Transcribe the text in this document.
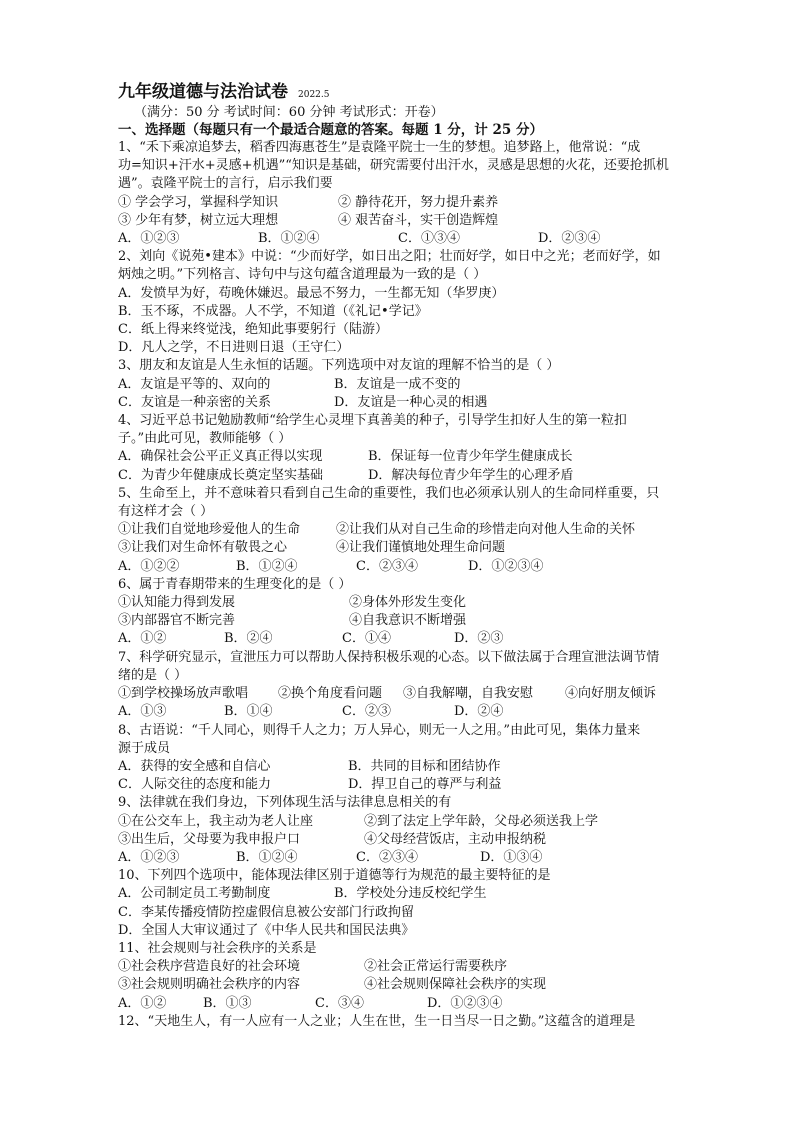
九年级道德与法治试卷 2022.5
（满分：50 分 考试时间：60 分钟 考试形式：开卷）
一、选择题（每题只有一个最适合题意的答案。每题 1 分，计 25 分）
1、“禾下乘凉追梦去，稻香四海惠苍生”是袁隆平院士一生的梦想。追梦路上，他常说：“成
功=知识+汗水+灵感+机遇”“知识是基础，研究需要付出汗水，灵感是思想的火花，还要抢抓机
遇”。袁隆平院士的言行，启示我们要
① 学会学习，掌握科学知识	② 静待花开，努力提升素养
③ 少年有梦，树立远大理想	④ 艰苦奋斗，实干创造辉煌
A．①②③	B．①②④	C．①③④	D．②③④
2、刘向《说苑•建本》中说：“少而好学，如日出之阳；壮而好学，如日中之光；老而好学，如
炳烛之明。”下列格言、诗句中与这句蕴含道理最为一致的是（ ）
A．发愤早为好，苟晚休嫌迟。最忌不努力，一生都无知（华罗庚）
B．玉不琢，不成器。人不学，不知道（《礼记•学记》
C．纸上得来终觉浅，绝知此事要躬行（陆游）
D．凡人之学，不日进则日退（王守仁）
3、朋友和友谊是人生永恒的话题。下列选项中对友谊的理解不恰当的是（ ）
A．友谊是平等的、双向的	B．友谊是一成不变的
C．友谊是一种亲密的关系	D．友谊是一种心灵的相遇
4、习近平总书记勉励教师“给学生心灵埋下真善美的种子，引导学生扣好人生的第一粒扣
子。”由此可见，教师能够（ ）
A．确保社会公平正义真正得以实现	B．保证每一位青少年学生健康成长
C．为青少年健康成长奠定坚实基础	D．解决每位青少年学生的心理矛盾
5、生命至上，并不意味着只看到自己生命的重要性，我们也必须承认别人的生命同样重要，只
有这样才会（ ）
①让我们自觉地珍爱他人的生命	②让我们从对自己生命的珍惜走向对他人生命的关怀
③让我们对生命怀有敬畏之心	④让我们谨慎地处理生命问题
A．①②②	B．①②④	C．②③④	D．①②③④
6、属于青春期带来的生理变化的是（ ）
①认知能力得到发展	②身体外形发生变化
③内部器官不断完善	④自我意识不断增强
A．①②	B．②④	C．①④	D．②③
7、科学研究显示，宣泄压力可以帮助人保持积极乐观的心态。以下做法属于合理宣泄法调节情
绪的是（ ）
①到学校操场放声歌唱	②换个角度看问题	③自我解嘲，自我安慰	④向好朋友倾诉
A．①③	B．①④	C．②③	D．②④
8、古语说：“千人同心，则得千人之力；万人异心，则无一人之用。”由此可见，集体力量来
源于成员
A．获得的安全感和自信心	B．共同的目标和团结协作
C．人际交往的态度和能力	D．捍卫自己的尊严与利益
9、法律就在我们身边，下列体现生活与法律息息相关的有
①在公交车上，我主动为老人让座	②到了法定上学年龄，父母必须送我上学
③出生后，父母要为我申报户口	④父母经营饭店，主动申报纳税
A．①②③	B．①②④	C．②③④	D．①③④
10、下列四个选项中，能体现法律区别于道德等行为规范的最主要特征的是
A．公司制定员工考勤制度	B．学校处分违反校纪学生
C．李某传播疫情防控虚假信息被公安部门行政拘留
D．全国人大审议通过了《中华人民共和国民法典》
11、社会规则与社会秩序的关系是
①社会秩序营造良好的社会环境	②社会正常运行需要秩序
③社会规则明确社会秩序的内容	④社会规则保障社会秩序的实现
A．①②	B．①③	C．③④	D．①②③④
12、“天地生人，有一人应有一人之业；人生在世，生一日当尽一日之勤。”这蕴含的道理是
